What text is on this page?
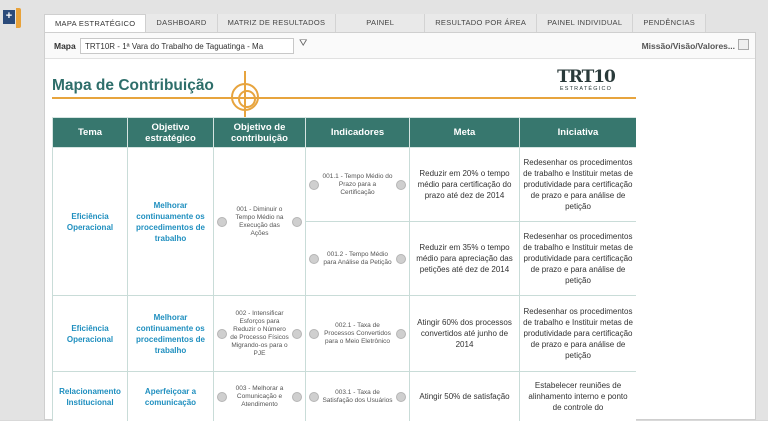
+
MAPA ESTRATÉGICO	DASHBOARD	MATRIZ DE RESULTADOS	PAINEL	RESULTADO POR ÁREA	PAINEL INDIVIDUAL	PENDÊNCIAS
Mapa	TRT10R - 1ª Vara do Trabalho de Taguatinga - Ma	⛛	Missão/Visão/Valores...
Mapa de Contribuição	TRT10
ESTRATÉGICO
Tema	Objetivo estratégico	Objetivo de contribuição	Indicadores	Meta	Iniciativa
Eficiência Operacional	Melhorar continuamente os procedimentos de trabalho	001 - Diminuir o Tempo Médio na Execução das Ações	001.1 - Tempo Médio do Prazo para a Certificação	Reduzir em 20% o tempo médio para certificação do prazo até dez de 2014	Redesenhar os procedimentos de trabalho e Instituir metas de produtividade para certificação de prazo e para análise de petição

			001.2 - Tempo Médio para Análise da Petição	Reduzir em 35% o tempo médio para apreciação das petições até dez de 2014	Redesenhar os procedimentos de trabalho e Instituir metas de produtividade para certificação de prazo e para análise de petição
Eficiência Operacional	Melhorar continuamente os procedimentos de trabalho	002 - Intensificar Esforços para Reduzir o Número de Processo Físicos Migrando-os para o PJE	002.1 - Taxa de Processos Convertidos para o Meio Eletrônico	Atingir 60% dos processos convertidos até junho de 2014	Redesenhar os procedimentos de trabalho e Instituir metas de produtividade para certificação de prazo e para análise de petição
Relacionamento Institucional	Aperfeiçoar a comunicação	003 - Melhorar a Comunicação e Atendimento	003.1 - Taxa de Satisfação dos Usuários	Atingir 50% de satisfação	Estabelecer reuniões de alinhamento interno e ponto de controle do
